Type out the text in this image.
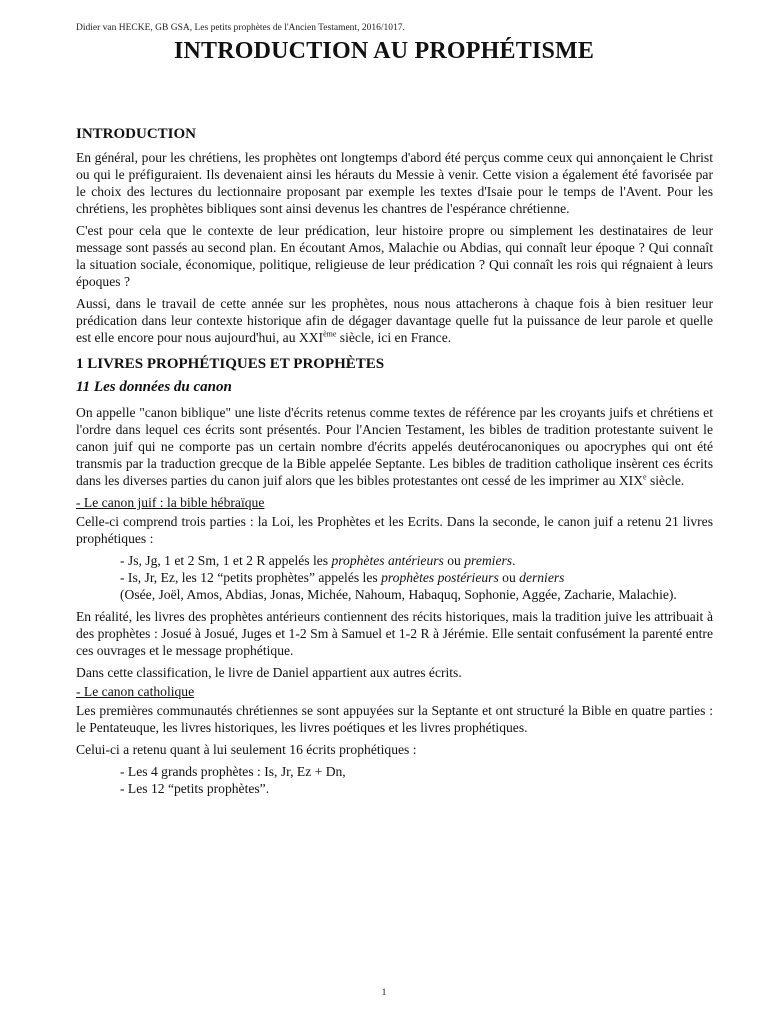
Didier van HECKE, GB GSA, Les petits prophètes de l'Ancien Testament, 2016/1017.
INTRODUCTION AU PROPHÉTISME
INTRODUCTION

En général, pour les chrétiens, les prophètes ont longtemps d'abord été perçus comme ceux qui annonçaient le Christ ou qui le préfiguraient. Ils devenaient ainsi les hérauts du Messie à venir. Cette vision a également été favorisée par le choix des lectures du lectionnaire proposant par exemple les textes d'Isaie pour le temps de l'Avent. Pour les chrétiens, les prophètes bibliques sont ainsi devenus les chantres de l'espérance chrétienne.

C'est pour cela que le contexte de leur prédication, leur histoire propre ou simplement les destinataires de leur message sont passés au second plan. En écoutant Amos, Malachie ou Abdias, qui connaît leur époque ? Qui connaît la situation sociale, économique, politique, religieuse de leur prédication ? Qui connaît les rois qui régnaient à leurs époques ?

Aussi, dans le travail de cette année sur les prophètes, nous nous attacherons à chaque fois à bien resituer leur prédication dans leur contexte historique afin de dégager davantage quelle fut la puissance de leur parole et quelle est elle encore pour nous aujourd'hui, au XXIème siècle, ici en France.

1 LIVRES PROPHÉTIQUES ET PROPHÈTES
11 Les données du canon

On appelle "canon biblique" une liste d'écrits retenus comme textes de référence par les croyants juifs et chrétiens et l'ordre dans lequel ces écrits sont présentés. Pour l'Ancien Testament, les bibles de tradition protestante suivent le canon juif qui ne comporte pas un certain nombre d'écrits appelés deutérocanoniques ou apocryphes qui ont été transmis par la traduction grecque de la Bible appelée Septante. Les bibles de tradition catholique insèrent ces écrits dans les diverses parties du canon juif alors que les bibles protestantes ont cessé de les imprimer au XIXe siècle.

- Le canon juif : la bible hébraïque

Celle-ci comprend trois parties : la Loi, les Prophètes et les Ecrits. Dans la seconde, le canon juif a retenu 21 livres prophétiques :

- Js, Jg, 1 et 2 Sm, 1 et 2 R appelés les prophètes antérieurs ou premiers.

- Is, Jr, Ez, les 12 “petits prophètes” appelés les prophètes postérieurs ou derniers

(Osée, Joël, Amos, Abdias, Jonas, Michée, Nahoum, Habaquq, Sophonie, Aggée, Zacharie, Malachie).

En réalité, les livres des prophètes antérieurs contiennent des récits historiques, mais la tradition juive les attribuait à des prophètes : Josué à Josué, Juges et 1-2 Sm à Samuel et 1-2 R à Jérémie. Elle sentait confusément la parenté entre ces ouvrages et le message prophétique.

Dans cette classification, le livre de Daniel appartient aux autres écrits.

- Le canon catholique

Les premières communautés chrétiennes se sont appuyées sur la Septante et ont structuré la Bible en quatre parties : le Pentateuque, les livres historiques, les livres poétiques et les livres prophétiques.

Celui-ci a retenu quant à lui seulement 16 écrits prophétiques :

- Les 4 grands prophètes : Is, Jr, Ez + Dn,

- Les 12 “petits prophètes”.

1
